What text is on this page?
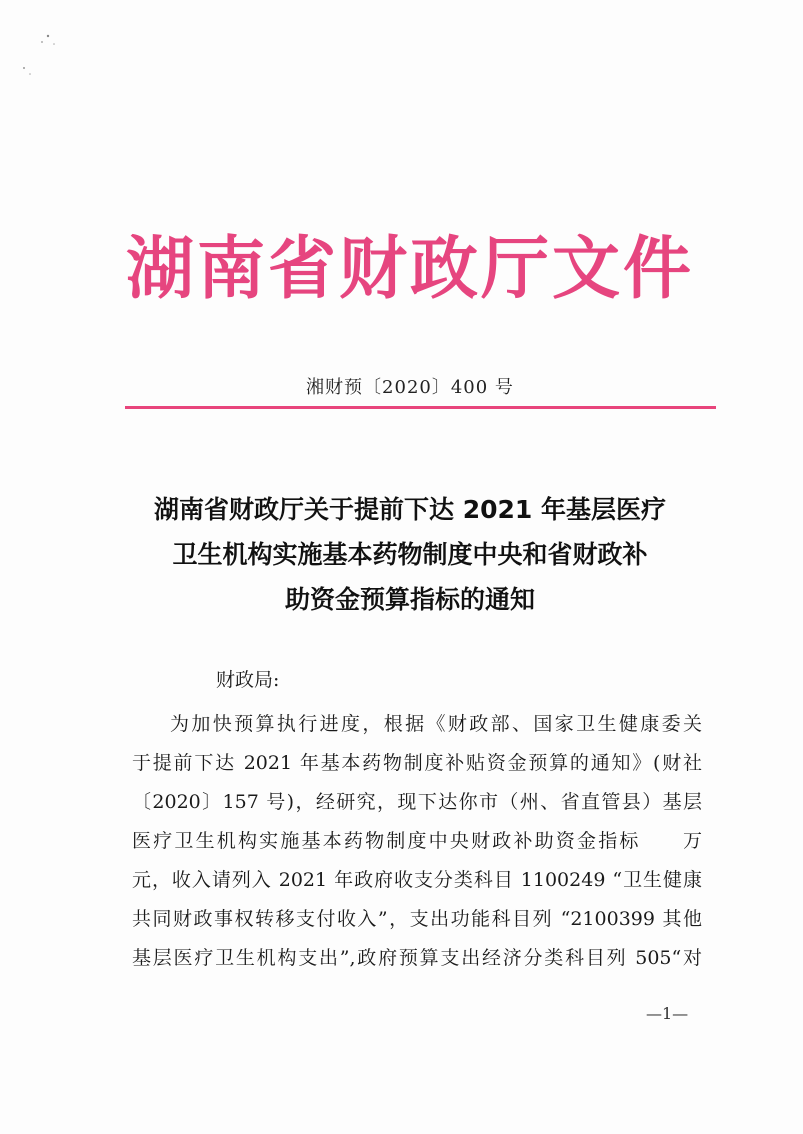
湖南省财政厅文件
湘财预〔2020〕400 号
湖南省财政厅关于提前下达 2021 年基层医疗
卫生机构实施基本药物制度中央和省财政补
助资金预算指标的通知
财政局:
为加快预算执行进度，根据《财政部、国家卫生健康委关
于提前下达 2021 年基本药物制度补贴资金预算的通知》(财社
〔2020〕157 号)，经研究，现下达你市（州、省直管县）基层
医疗卫生机构实施基本药物制度中央财政补助资金指标　　万
元，收入请列入 2021 年政府收支分类科目 1100249 “卫生健康
共同财政事权转移支付收入”，支出功能科目列 “2100399 其他
基层医疗卫生机构支出”,政府预算支出经济分类科目列 505“对
—1—
